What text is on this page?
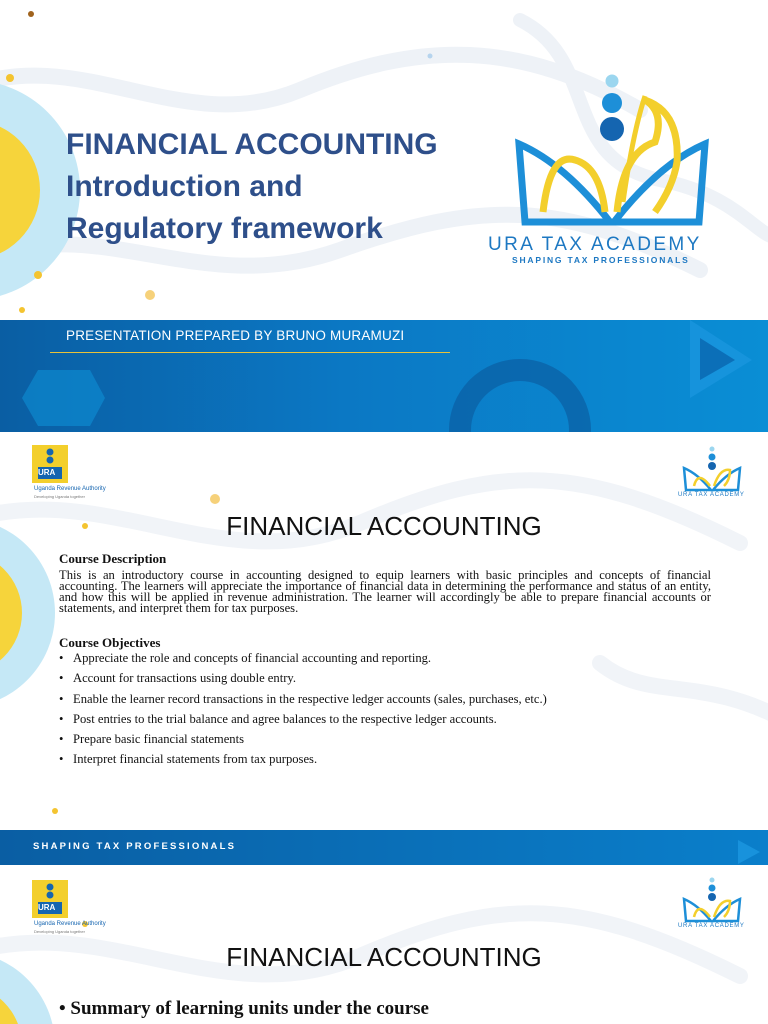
FINANCIAL ACCOUNTING
Introduction and
Regulatory framework	URA TAX ACADEMY
SHAPING TAX PROFESSIONALS
PRESENTATION PREPARED BY BRUNO MURAMUZI
URA
Uganda Revenue Authority
Developing Uganda together	URA TAX ACADEMY
FINANCIAL ACCOUNTING
Course Description

This is an introductory course in accounting designed to equip learners with basic principles and concepts of financial accounting. The learners will appreciate the importance of financial data in determining the performance and status of an entity, and how this will be applied in revenue administration. The learner will accordingly be able to prepare financial accounts or statements, and interpret them for tax purposes.

Course Objectives
• Appreciate the role and concepts of financial accounting and reporting.
• Account for transactions using double entry.
• Enable the learner record transactions in the respective ledger accounts (sales, purchases, etc.)
• Post entries to the trial balance and agree balances to the respective ledger accounts.
• Prepare basic financial statements
• Interpret financial statements from tax purposes.
SHAPING TAX PROFESSIONALS
URA
Uganda Revenue Authority
Developing Uganda together
URA TAX ACADEMY
FINANCIAL ACCOUNTING
• Summary of learning units under the course
